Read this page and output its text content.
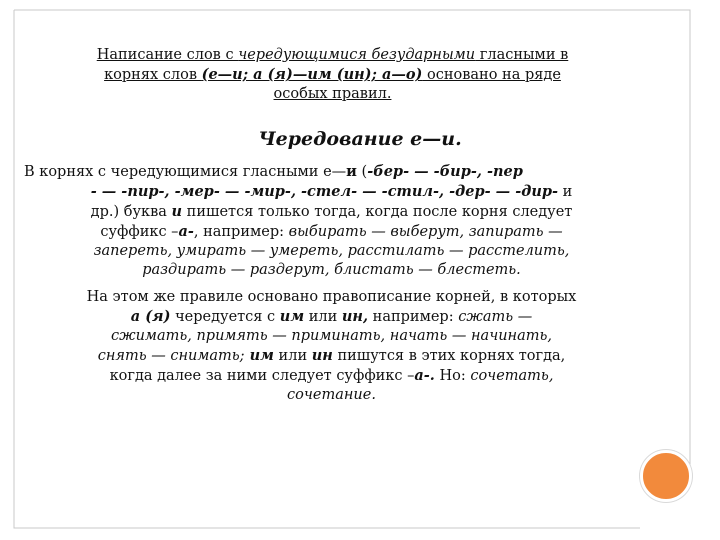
Написание слов с чередующимися безударными гласными в
корнях слов (е—и; а (я)—им (ин); а—о) основано на ряде
особых правил.
Чередование е—и.
В корнях с чередующимися гласными е—и (-бер- — -бир-, -пер
- — -пир-, -мер- — -мир-, -стел- — -стил-, -дер- — -дир- и
др.) буква и пишется только тогда, когда после корня следует
суффикс –а-, например: выбирать — выберут, запирать —
запереть, умирать — умереть, расстилать — расстелить,
раздирать — раздерут, блистать — блестеть.
На этом же правиле основано правописание корней, в которых
а (я) чередуется с им или ин, например: сжать —
сжимать, примять — приминать, начать — начинать,
снять — снимать; им или ин пишутся в этих корнях тогда,
когда далее за ними следует суффикс –а-. Но: сочетать,
сочетание.
